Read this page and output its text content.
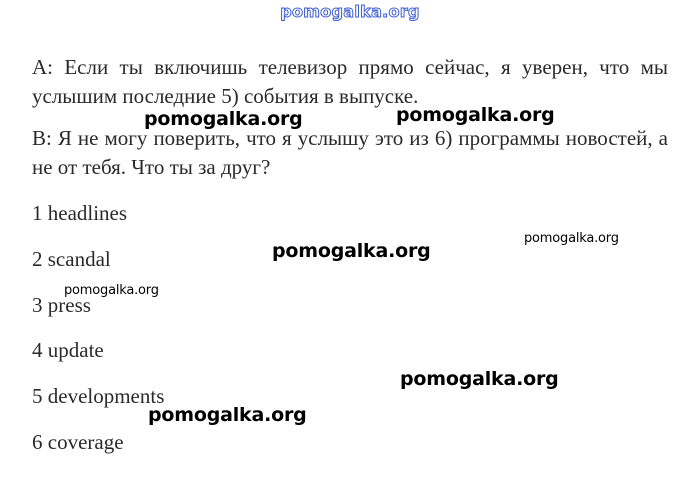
pomogalka.org
A: Если ты включишь телевизор прямо сейчас, я уверен, что мы услышим последние 5) события в выпуске.
B: Я не могу поверить, что я услышу это из 6) программы новостей, а не от тебя. Что ты за друг?
1 headlines
2 scandal
3 press
4 update
5 developments
6 coverage
pomogalka.org	pomogalka.org
pomogalka.org
pomogalka.org
pomogalka.org
pomogalka.org
pomogalka.org
